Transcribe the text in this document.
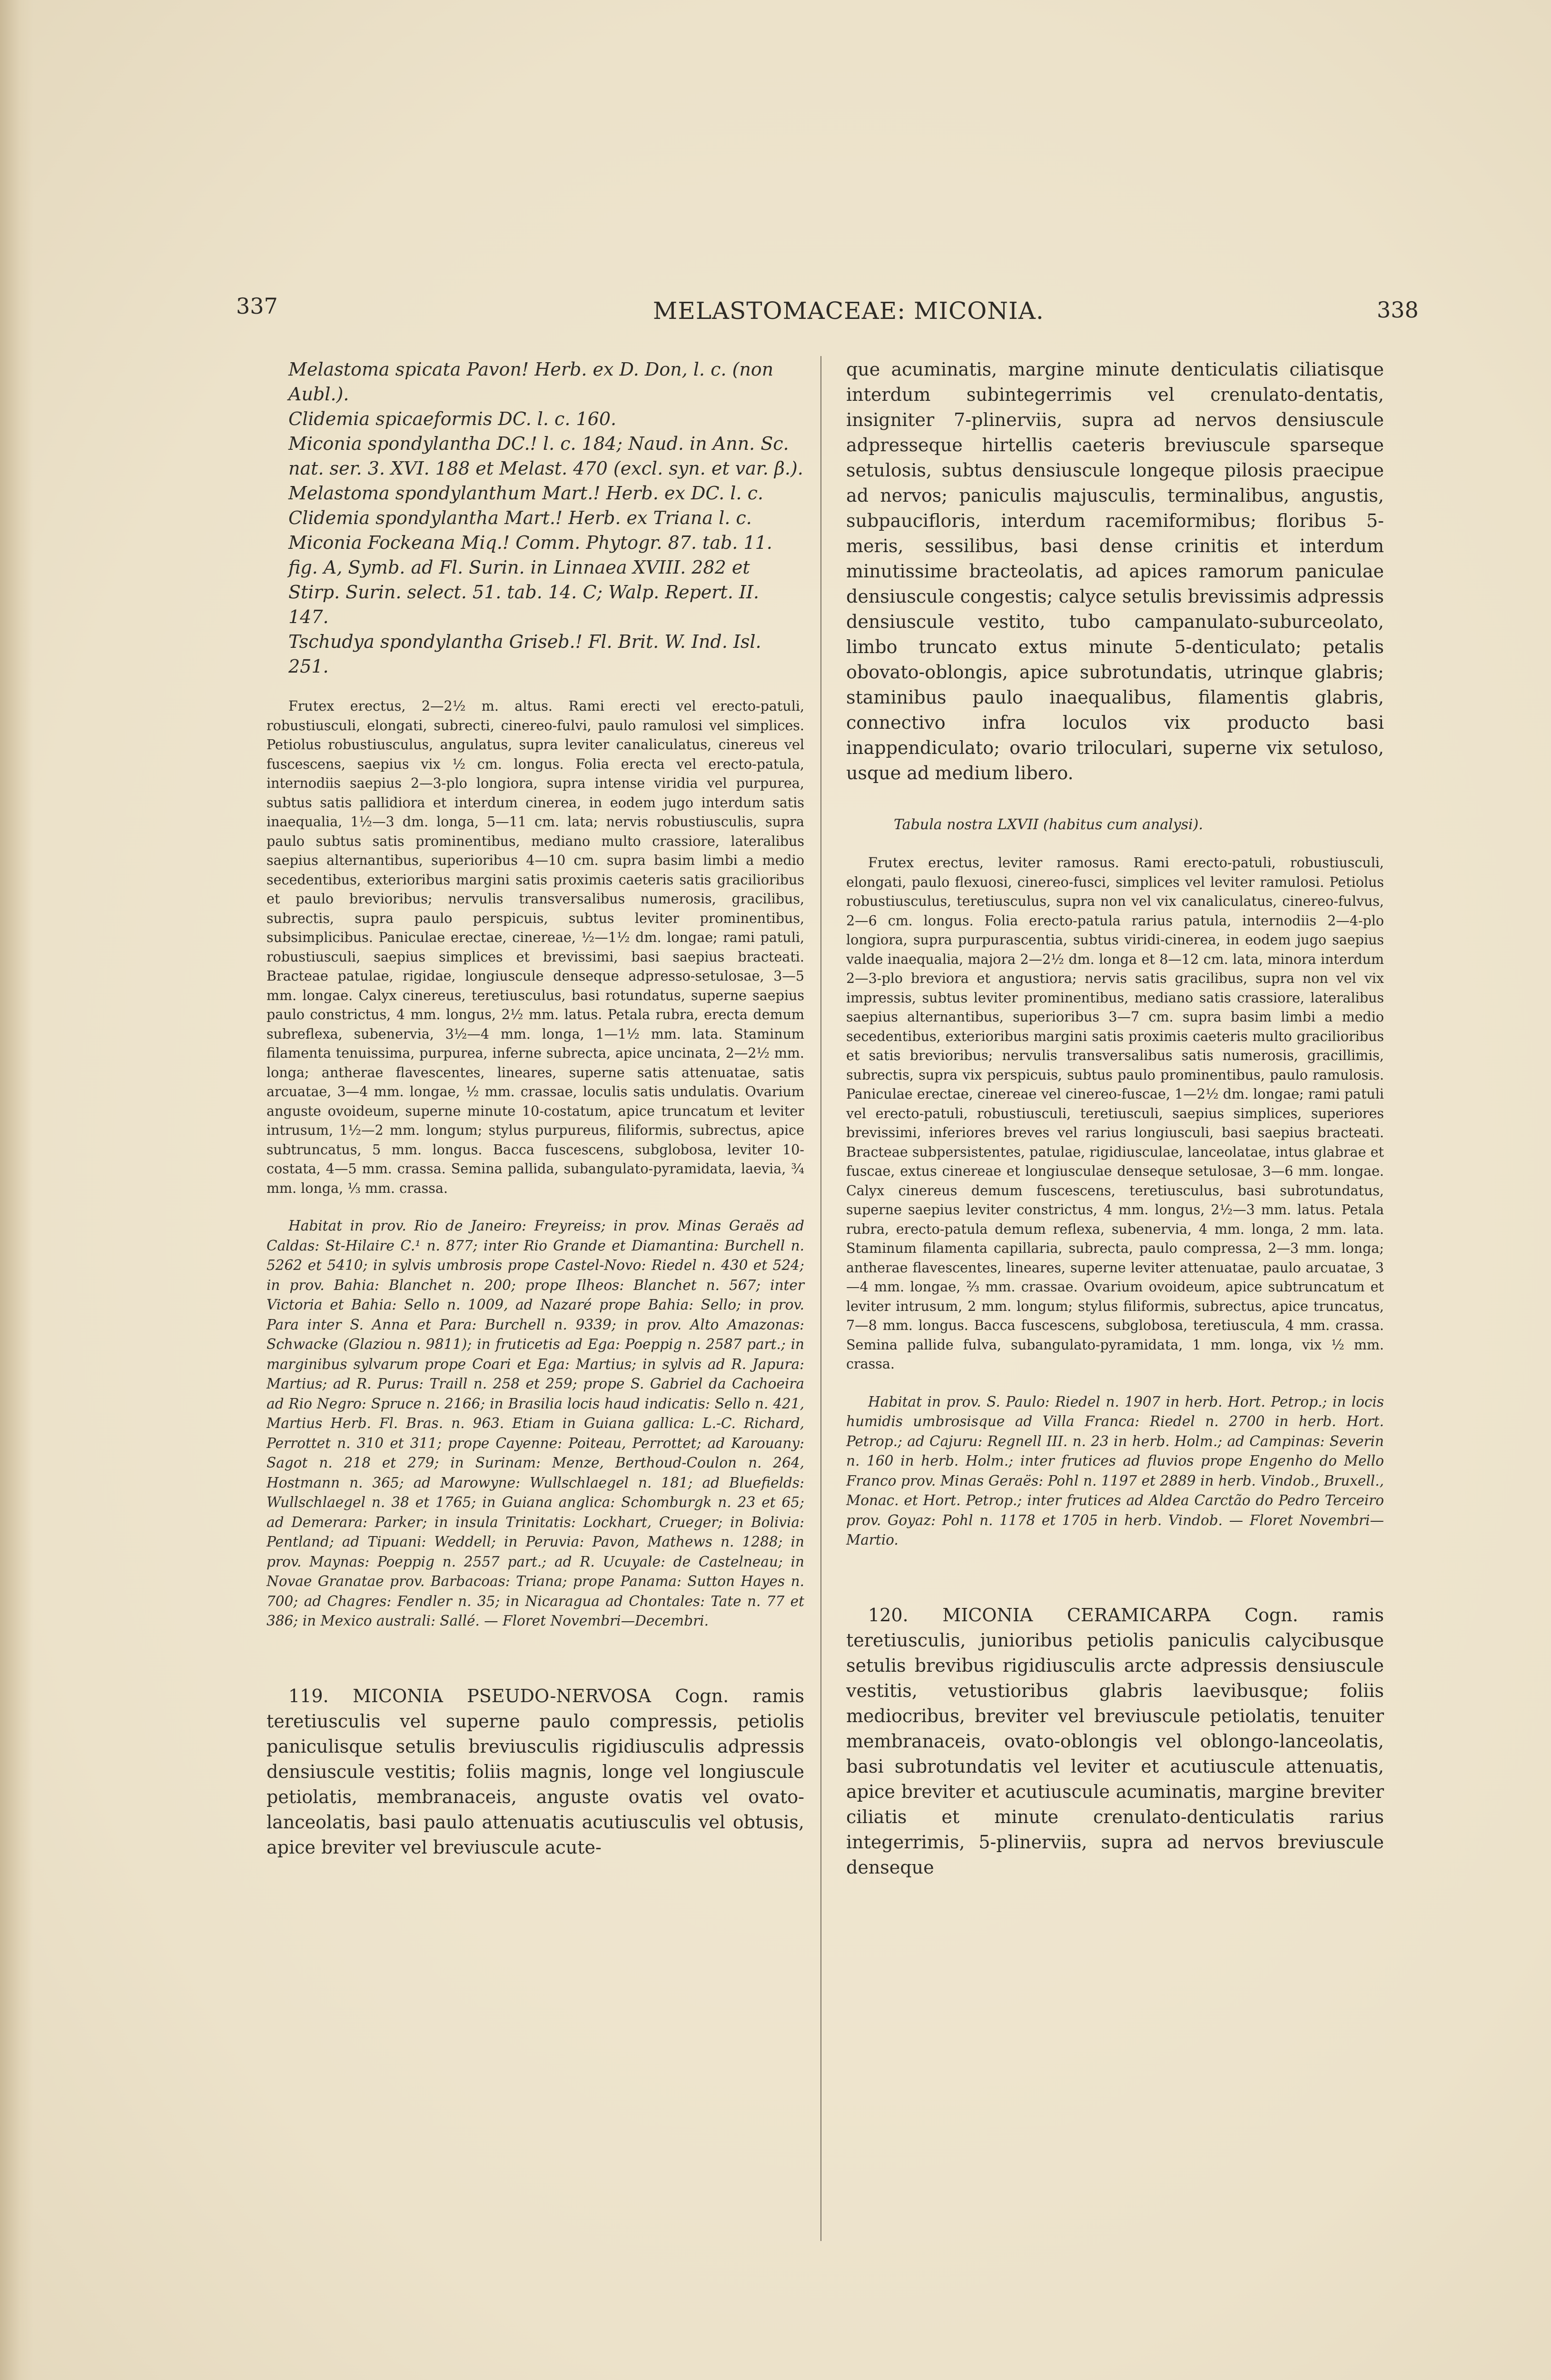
337	MELASTOMACEAE: MICONIA.	338

Melastoma spicata Pavon! Herb. ex D. Don, l. c. (non Aubl.).

Clidemia spicaeformis DC. l. c. 160.

Miconia spondylantha DC.! l. c. 184; Naud. in Ann. Sc. nat. ser. 3. XVI. 188 et Melast. 470 (excl. syn. et var. β.).

Melastoma spondylanthum Mart.! Herb. ex DC. l. c.

Clidemia spondylantha Mart.! Herb. ex Triana l. c.

Miconia Fockeana Miq.! Comm. Phytogr. 87. tab. 11. fig. A, Symb. ad Fl. Surin. in Linnaea XVIII. 282 et Stirp. Surin. select. 51. tab. 14. C; Walp. Repert. II. 147.

Tschudya spondylantha Griseb.! Fl. Brit. W. Ind. Isl. 251.

Frutex erectus, 2—2½ m. altus. Rami erecti vel erecto-patuli, robustiusculi, elongati, subrecti, cinereo-fulvi, paulo ramulosi vel simplices. Petiolus robustiusculus, angulatus, supra leviter canaliculatus, cinereus vel fuscescens, saepius vix ½ cm. longus. Folia erecta vel erecto-patula, internodiis saepius 2—3-plo longiora, supra intense viridia vel purpurea, subtus satis pallidiora et interdum cinerea, in eodem jugo interdum satis inaequalia, 1½—3 dm. longa, 5—11 cm. lata; nervis robustiusculis, supra paulo subtus satis prominentibus, mediano multo crassiore, lateralibus saepius alternantibus, superioribus 4—10 cm. supra basim limbi a medio secedentibus, exterioribus margini satis proximis caeteris satis gracilioribus et paulo brevioribus; nervulis transversalibus numerosis, gracilibus, subrectis, supra paulo perspicuis, subtus leviter prominentibus, subsimplicibus. Paniculae erectae, cinereae, ½—1½ dm. longae; rami patuli, robustiusculi, saepius simplices et brevissimi, basi saepius bracteati. Bracteae patulae, rigidae, longiuscule denseque adpresso-setulosae, 3—5 mm. longae. Calyx cinereus, teretiusculus, basi rotundatus, superne saepius paulo constrictus, 4 mm. longus, 2½ mm. latus. Petala rubra, erecta demum subreflexa, subenervia, 3½—4 mm. longa, 1—1½ mm. lata. Staminum filamenta tenuissima, purpurea, inferne subrecta, apice uncinata, 2—2½ mm. longa; antherae flavescentes, lineares, superne satis attenuatae, satis arcuatae, 3—4 mm. longae, ½ mm. crassae, loculis satis undulatis. Ovarium anguste ovoideum, superne minute 10-costatum, apice truncatum et leviter intrusum, 1½—2 mm. longum; stylus purpureus, filiformis, subrectus, apice subtruncatus, 5 mm. longus. Bacca fuscescens, subglobosa, leviter 10-costata, 4—5 mm. crassa. Semina pallida, subangulato-pyramidata, laevia, ¾ mm. longa, ⅓ mm. crassa.

Habitat in prov. Rio de Janeiro: Freyreiss; in prov. Minas Geraës ad Caldas: St-Hilaire C.¹ n. 877; inter Rio Grande et Diamantina: Burchell n. 5262 et 5410; in sylvis umbrosis prope Castel-Novo: Riedel n. 430 et 524; in prov. Bahia: Blanchet n. 200; prope Ilheos: Blanchet n. 567; inter Victoria et Bahia: Sello n. 1009, ad Nazaré prope Bahia: Sello; in prov. Para inter S. Anna et Para: Burchell n. 9339; in prov. Alto Amazonas: Schwacke (Glaziou n. 9811); in fruticetis ad Ega: Poeppig n. 2587 part.; in marginibus sylvarum prope Coari et Ega: Martius; in sylvis ad R. Japura: Martius; ad R. Purus: Traill n. 258 et 259; prope S. Gabriel da Cachoeira ad Rio Negro: Spruce n. 2166; in Brasilia locis haud indicatis: Sello n. 421, Martius Herb. Fl. Bras. n. 963. Etiam in Guiana gallica: L.-C. Richard, Perrottet n. 310 et 311; prope Cayenne: Poiteau, Perrottet; ad Karouany: Sagot n. 218 et 279; in Surinam: Menze, Berthoud-Coulon n. 264, Hostmann n. 365; ad Marowyne: Wullschlaegel n. 181; ad Bluefields: Wullschlaegel n. 38 et 1765; in Guiana anglica: Schomburgk n. 23 et 65; ad Demerara: Parker; in insula Trinitatis: Lockhart, Crueger; in Bolivia: Pentland; ad Tipuani: Weddell; in Peruvia: Pavon, Mathews n. 1288; in prov. Maynas: Poeppig n. 2557 part.; ad R. Ucuyale: de Castelneau; in Novae Granatae prov. Barbacoas: Triana; prope Panama: Sutton Hayes n. 700; ad Chagres: Fendler n. 35; in Nicaragua ad Chontales: Tate n. 77 et 386; in Mexico australi: Sallé. — Floret Novembri—Decembri.

119. MICONIA PSEUDO-NERVOSA Cogn. ramis teretiusculis vel superne paulo compressis, petiolis paniculisque setulis breviusculis rigidiusculis adpressis densiuscule vestitis; foliis magnis, longe vel longiuscule petiolatis, membranaceis, anguste ovatis vel ovato-lanceolatis, basi paulo attenuatis acutiusculis vel obtusis, apice breviter vel breviuscule acute-

que acuminatis, margine minute denticulatis ciliatisque interdum subintegerrimis vel crenulato-dentatis, insigniter 7-plinerviis, supra ad nervos densiuscule adpresseque hirtellis caeteris breviuscule sparseque setulosis, subtus densiuscule longeque pilosis praecipue ad nervos; paniculis majusculis, terminalibus, angustis, subpaucifloris, interdum racemiformibus; floribus 5-meris, sessilibus, basi dense crinitis et interdum minutissime bracteolatis, ad apices ramorum paniculae densiuscule congestis; calyce setulis brevissimis adpressis densiuscule vestito, tubo campanulato-suburceolato, limbo truncato extus minute 5-denticulato; petalis obovato-oblongis, apice subrotundatis, utrinque glabris; staminibus paulo inaequalibus, filamentis glabris, connectivo infra loculos vix producto basi inappendiculato; ovario triloculari, superne vix setuloso, usque ad medium libero.

Tabula nostra LXVII (habitus cum analysi).

Frutex erectus, leviter ramosus. Rami erecto-patuli, robustiusculi, elongati, paulo flexuosi, cinereo-fusci, simplices vel leviter ramulosi. Petiolus robustiusculus, teretiusculus, supra non vel vix canaliculatus, cinereo-fulvus, 2—6 cm. longus. Folia erecto-patula rarius patula, internodiis 2—4-plo longiora, supra purpurascentia, subtus viridi-cinerea, in eodem jugo saepius valde inaequalia, majora 2—2½ dm. longa et 8—12 cm. lata, minora interdum 2—3-plo breviora et angustiora; nervis satis gracilibus, supra non vel vix impressis, subtus leviter prominentibus, mediano satis crassiore, lateralibus saepius alternantibus, superioribus 3—7 cm. supra basim limbi a medio secedentibus, exterioribus margini satis proximis caeteris multo gracilioribus et satis brevioribus; nervulis transversalibus satis numerosis, gracillimis, subrectis, supra vix perspicuis, subtus paulo prominentibus, paulo ramulosis. Paniculae erectae, cinereae vel cinereo-fuscae, 1—2½ dm. longae; rami patuli vel erecto-patuli, robustiusculi, teretiusculi, saepius simplices, superiores brevissimi, inferiores breves vel rarius longiusculi, basi saepius bracteati. Bracteae subpersistentes, patulae, rigidiusculae, lanceolatae, intus glabrae et fuscae, extus cinereae et longiusculae denseque setulosae, 3—6 mm. longae. Calyx cinereus demum fuscescens, teretiusculus, basi subrotundatus, superne saepius leviter constrictus, 4 mm. longus, 2½—3 mm. latus. Petala rubra, erecto-patula demum reflexa, subenervia, 4 mm. longa, 2 mm. lata. Staminum filamenta capillaria, subrecta, paulo compressa, 2—3 mm. longa; antherae flavescentes, lineares, superne leviter attenuatae, paulo arcuatae, 3—4 mm. longae, ⅔ mm. crassae. Ovarium ovoideum, apice subtruncatum et leviter intrusum, 2 mm. longum; stylus filiformis, subrectus, apice truncatus, 7—8 mm. longus. Bacca fuscescens, subglobosa, teretiuscula, 4 mm. crassa. Semina pallide fulva, subangulato-pyramidata, 1 mm. longa, vix ½ mm. crassa.

Habitat in prov. S. Paulo: Riedel n. 1907 in herb. Hort. Petrop.; in locis humidis umbrosisque ad Villa Franca: Riedel n. 2700 in herb. Hort. Petrop.; ad Cajuru: Regnell III. n. 23 in herb. Holm.; ad Campinas: Severin n. 160 in herb. Holm.; inter frutices ad fluvios prope Engenho do Mello Franco prov. Minas Geraës: Pohl n. 1197 et 2889 in herb. Vindob., Bruxell., Monac. et Hort. Petrop.; inter frutices ad Aldea Carctão do Pedro Terceiro prov. Goyaz: Pohl n. 1178 et 1705 in herb. Vindob. — Floret Novembri—Martio.

120. MICONIA CERAMICARPA Cogn. ramis teretiusculis, junioribus petiolis paniculis calycibusque setulis brevibus rigidiusculis arcte adpressis densiuscule vestitis, vetustioribus glabris laevibusque; foliis mediocribus, breviter vel breviuscule petiolatis, tenuiter membranaceis, ovato-oblongis vel oblongo-lanceolatis, basi subrotundatis vel leviter et acutiuscule attenuatis, apice breviter et acutiuscule acuminatis, margine breviter ciliatis et minute crenulato-denticulatis rarius integerrimis, 5-plinerviis, supra ad nervos breviuscule denseque
